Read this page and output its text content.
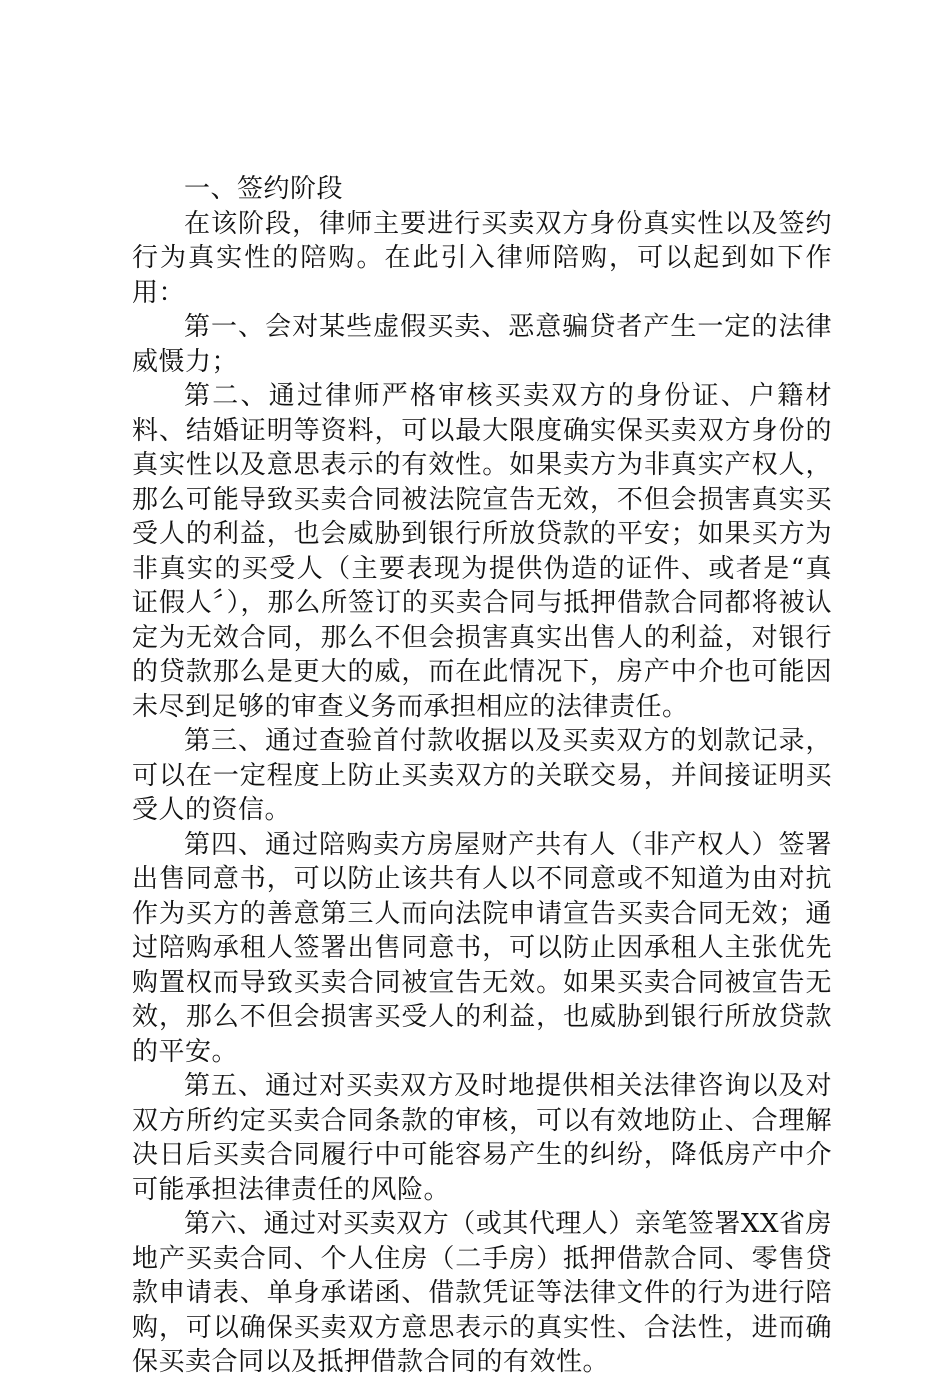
一、签约阶段

在该阶段，律师主要进行买卖双方身份真实性以及签约行为真实性的陪购。在此引入律师陪购，可以起到如下作用：

第一、会对某些虚假买卖、恶意骗贷者产生一定的法律威慑力；

第二、通过律师严格审核买卖双方的身份证、户籍材料、结婚证明等资料，可以最大限度确实保买卖双方身份的真实性以及意思表示的有效性。如果卖方为非真实产权人，那么可能导致买卖合同被法院宣告无效，不但会损害真实买受人的利益，也会威胁到银行所放贷款的平安；如果买方为非真实的买受人（主要表现为提供伪造的证件、或者是“真证假人〞），那么所签订的买卖合同与抵押借款合同都将被认定为无效合同，那么不但会损害真实出售人的利益，对银行的贷款那么是更大的威，而在此情况下，房产中介也可能因未尽到足够的审查义务而承担相应的法律责任。

第三、通过查验首付款收据以及买卖双方的划款记录，可以在一定程度上防止买卖双方的关联交易，并间接证明买受人的资信。

第四、通过陪购卖方房屋财产共有人（非产权人）签署出售同意书，可以防止该共有人以不同意或不知道为由对抗作为买方的善意第三人而向法院申请宣告买卖合同无效；通过陪购承租人签署出售同意书，可以防止因承租人主张优先购置权而导致买卖合同被宣告无效。如果买卖合同被宣告无效，那么不但会损害买受人的利益，也威胁到银行所放贷款的平安。

第五、通过对买卖双方及时地提供相关法律咨询以及对双方所约定买卖合同条款的审核，可以有效地防止、合理解决日后买卖合同履行中可能容易产生的纠纷，降低房产中介可能承担法律责任的风险。

第六、通过对买卖双方（或其代理人）亲笔签署XX省房地产买卖合同、个人住房（二手房）抵押借款合同、零售贷款申请表、单身承诺函、借款凭证等法律文件的行为进行陪购，可以确保买卖双方意思表示的真实性、合法性，进而确保买卖合同以及抵押借款合同的有效性。
